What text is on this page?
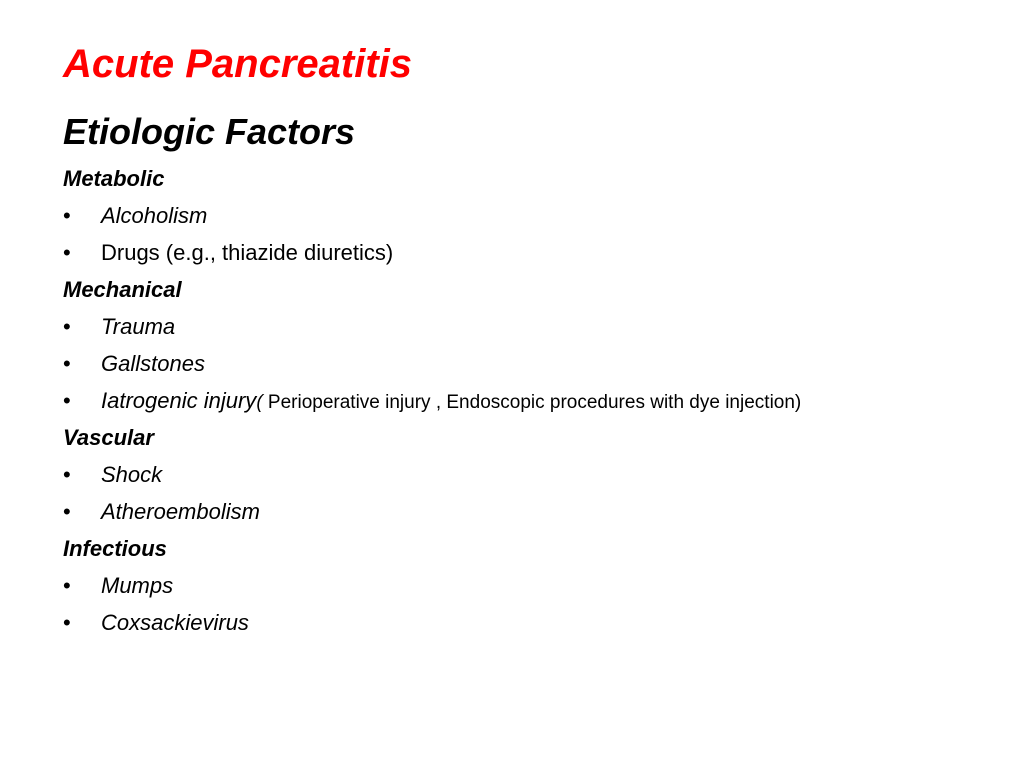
Acute Pancreatitis
Etiologic Factors
Metabolic
• Alcoholism
• Drugs (e.g., thiazide diuretics)
Mechanical
• Trauma
• Gallstones
• Iatrogenic injury( Perioperative injury , Endoscopic procedures with dye injection)
Vascular
• Shock
• Atheroembolism
Infectious
• Mumps
• Coxsackievirus
